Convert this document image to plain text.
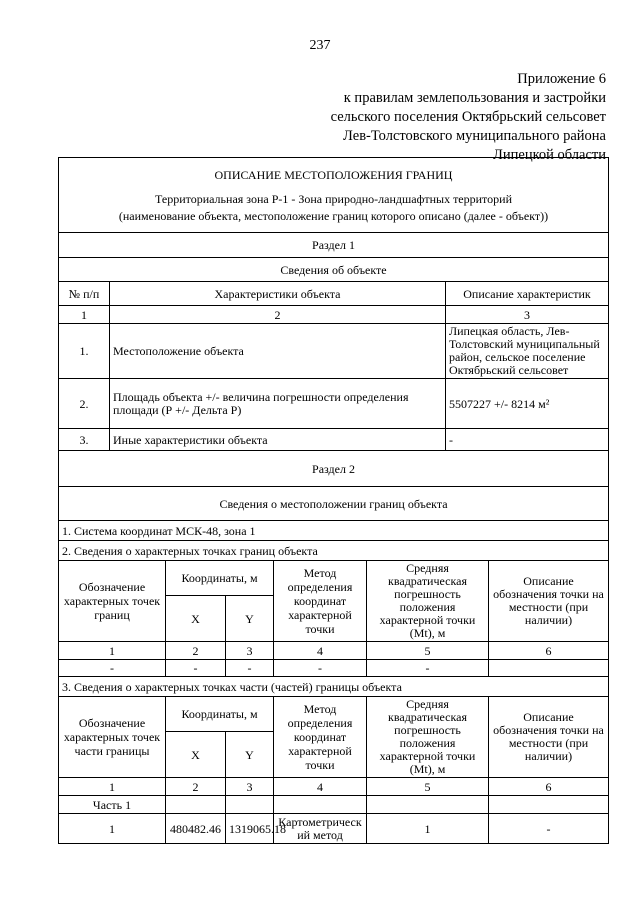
237
Приложение 6
к правилам землепользования и застройки
сельского поселения Октябрьский сельсовет
Лев-Толстовского муниципального района
Липецкой области
ОПИСАНИЕ МЕСТОПОЛОЖЕНИЯ ГРАНИЦ
Территориальная зона Р-1 - Зона природно-ландшафтных территорий
(наименование объекта, местоположение границ которого описано (далее - объект))							

Раздел 1							
Сведения об объекте							
№ п/п	Характеристики объекта					Описание характеристик	
1	2					3	
1.	Местоположение объекта					Липецкая область, Лев-Толстовский муниципальный район, сельское поселение Октябрьский сельсовет	
2.	Площадь объекта +/- величина погрешности определения площади (Р +/- Дельта Р)					5507227 +/- 8214 м²	
3.	Иные характеристики объекта					-	
Раздел 2							
Сведения о местоположении границ объекта							
1. Система координат МСК-48, зона 1							
2. Сведения о характерных точках границ объекта							
Обозначение характерных точек границ		Координаты, м		Метод определения координат характерной точки	Средняя квадратическая погрешность положения характерной точки (Mt), м		Описание обозначения точки на местности (при наличии)
		X	Y				
1		2	3	4	5		6
-		-	-	-	-		
3. Сведения о характерных точках части (частей) границы объекта							
Обозначение характерных точек части границы		Координаты, м		Метод определения координат характерной точки	Средняя квадратическая погрешность положения характерной точки (Mt), м		Описание обозначения точки на местности (при наличии)
		X	Y				
1		2	3	4	5		6
Часть 1							
1		480482.46	1319065.18	Картометрический метод	1		-
